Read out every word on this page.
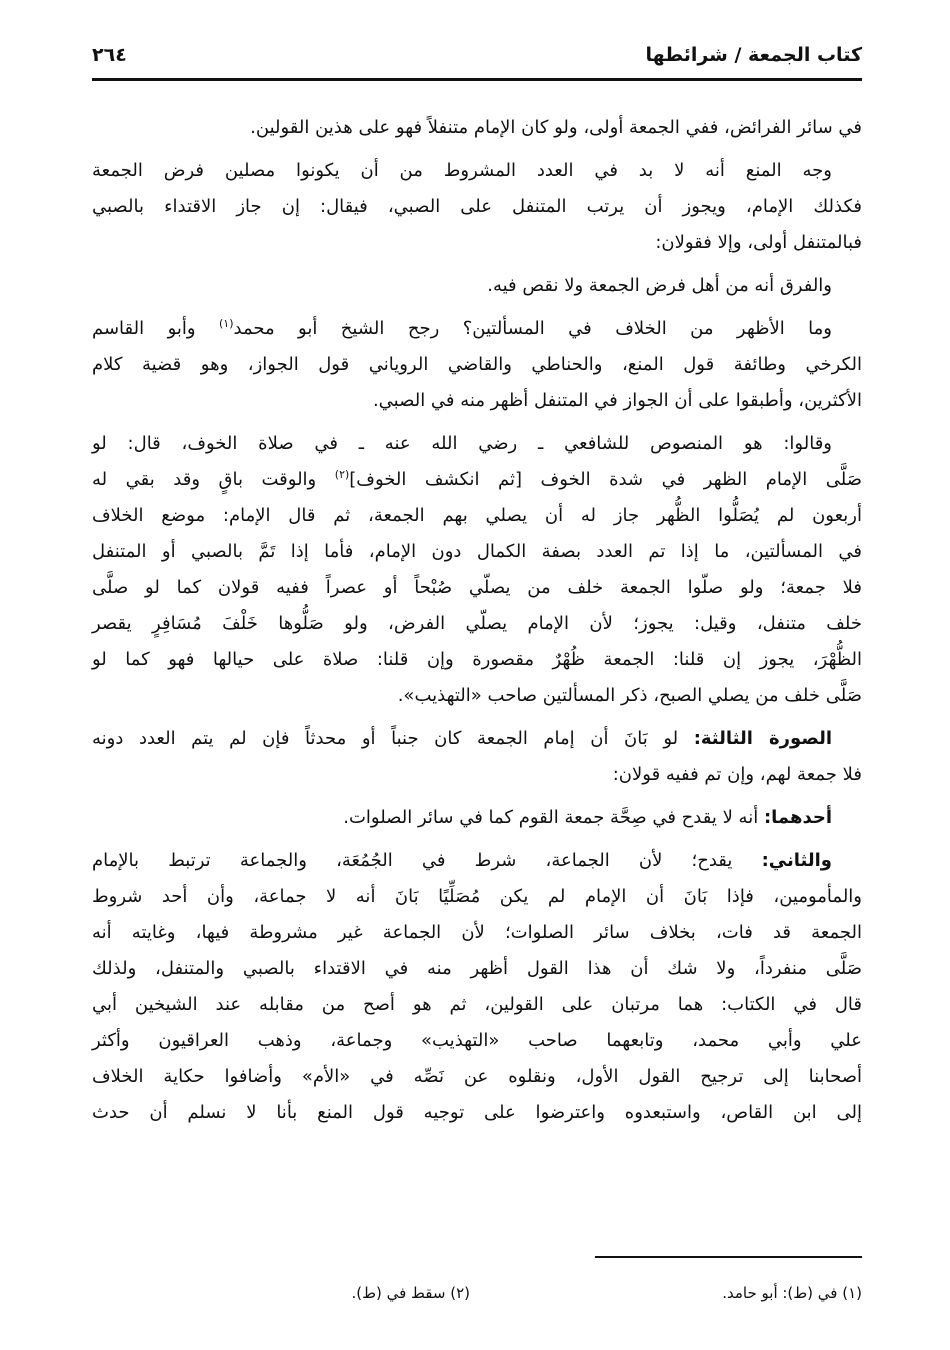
كتاب الجمعة / شرائطها
٢٦٤
في سائر الفرائض، ففي الجمعة أولى، ولو كان الإمام متنفلاً فهو على هذين القولين.
وجه المنع أنه لا بد في العدد المشروط من أن يكونوا مصلين فرض الجمعة
فكذلك الإمام، ويجوز أن يرتب المتنفل على الصبي، فيقال: إن جاز الاقتداء بالصبي
فبالمتنفل أولى، وإلا فقولان:
والفرق أنه من أهل فرض الجمعة ولا نقص فيه.
وما الأظهر من الخلاف في المسألتين؟ رجح الشيخ أبو محمد$^{(١)}$ وأبو القاسم
الكرخي وطائفة قول المنع، والحناطي والقاضي الروياني قول الجواز، وهو قضية كلام
الأكثرين، وأطبقوا على أن الجواز في المتنفل أظهر منه في الصبي.
وقالوا: هو المنصوص للشافعي ـ رضي الله عنه ـ في صلاة الخوف، قال: لو
صَلَّى الإمام الظهر في شدة الخوف [ثم انكشف الخوف]$^{(٢)}$ والوقت باقٍ وقد بقي له
أربعون لم يُصَلُّوا الظُّهر جاز له أن يصلي بهم الجمعة، ثم قال الإمام: موضع الخلاف
في المسألتين، ما إذا تم العدد بصفة الكمال دون الإمام، فأما إذا تَمَّ بالصبي أو المتنفل
فلا جمعة؛ ولو صلّوا الجمعة خلف من يصلّي صُبْحاً أو عصراً ففيه قولان كما لو صلَّى
خلف متنفل، وقيل: يجوز؛ لأن الإمام يصلّي الفرض، ولو صَلُّوها خَلْفَ مُسَافِرٍ يقصر
الظُّهْرَ، يجوز إن قلنا: الجمعة ظُهْرٌ مقصورة وإن قلنا: صلاة على حيالها فهو كما لو
صَلَّى خلف من يصلي الصبح، ذكر المسألتين صاحب «التهذيب».
الصورة الثالثة: لو بَانَ أن إمام الجمعة كان جنباً أو محدثاً فإن لم يتم العدد دونه
فلا جمعة لهم، وإن تم ففيه قولان:
أحدهما: أنه لا يقدح في صِحَّة جمعة القوم كما في سائر الصلوات.
والثاني: يقدح؛ لأن الجماعة، شرط في الجُمُعَة، والجماعة ترتبط بالإمام
والمأمومين، فإذا بَانَ أن الإمام لم يكن مُصَلِّيًا بَانَ أنه لا جماعة، وأن أحد شروط
الجمعة قد فات، بخلاف سائر الصلوات؛ لأن الجماعة غير مشروطة فيها، وغايته أنه
صَلَّى منفرداً، ولا شك أن هذا القول أظهر منه في الاقتداء بالصبي والمتنفل، ولذلك
قال في الكتاب: هما مرتبان على القولين، ثم هو أصح من مقابله عند الشيخين أبي
علي وأبي محمد، وتابعهما صاحب «التهذيب» وجماعة، وذهب العراقيون وأكثر
أصحابنا إلى ترجيح القول الأول، ونقلوه عن نَصِّه في «الأم» وأضافوا حكاية الخلاف
إلى ابن القاص، واستبعدوه واعترضوا على توجيه قول المنع بأنا لا نسلم أن حدث
(١) في (ط): أبو حامد.
(٢) سقط في (ط).
